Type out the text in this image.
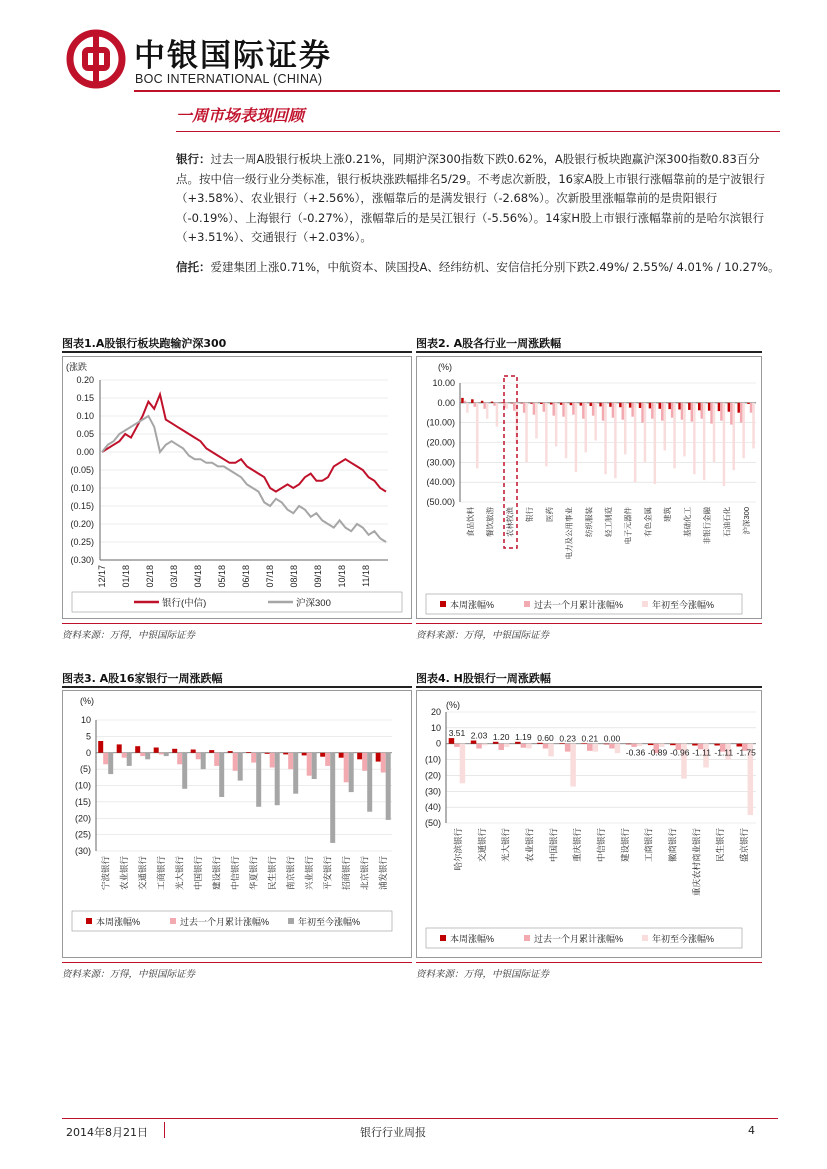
中银国际证券
BOC INTERNATIONAL (CHINA)
一周市场表现回顾
银行：过去一周A股银行板块上涨0.21%，同期沪深300指数下跌0.62%，A股银行板块跑赢沪深300指数0.83百分点。按中信一级行业分类标准，银行板块涨跌幅排名5/29。不考虑次新股，16家A股上市银行涨幅靠前的是宁波银行（+3.58%）、农业银行（+2.56%），涨幅靠后的是满发银行（-2.68%）。次新股里涨幅靠前的是贵阳银行（-0.19%）、上海银行（-0.27%），涨幅靠后的是吴江银行（-5.56%）。14家H股上市银行涨幅靠前的是哈尔滨银行（+3.51%）、交通银行（+2.03%）。
信托：爱建集团上涨0.71%，中航资本、陕国投A、经纬纺机、安信信托分别下跌2.49%/ 2.55%/ 4.01% / 10.27%。
图表1.A股银行板块跑输沪深300
(涨跌
0.20
0.15
0.10
0.05
0.00
(0.05)
(0.10)
(0.15)
(0.20)
(0.25)
(0.30)
12/17 01/18 02/18 03/18 04/18 05/18 06/18 07/18 08/18 09/18 10/18 11/18
银行(中信)	沪深300
资料来源：万得，中银国际证券
图表2. A股各行业一周涨跌幅
(%)
10.00
0.00
(10.00)
(20.00)
(30.00)
(40.00)
(50.00)
食品饮料 餐饮旅游 农林牧渔 银行 医药 电力及公用事业 纺织服装 轻工制造 电子元器件 有色金属 建筑 基础化工 非银行金融 石油石化 沪深300
本周涨幅%	过去一个月累计涨幅%	年初至今涨幅%
资料来源：万得，中银国际证券
图表3. A股16家银行一周涨跌幅
(%)
10
5
0
(5)
(10)
(15)
(20)
(25)
(30)
宁波银行 农业银行 交通银行 工商银行 光大银行 中国银行 建设银行 中信银行 华夏银行 民生银行 南京银行 兴业银行 平安银行 招商银行 北京银行 浦发银行
本周涨幅%	过去一个月累计涨幅%	年初至今涨幅%
资料来源：万得，中银国际证券
图表4. H股银行一周涨跌幅
(%)
20
10
0
(10)
(20)
(30)
(40)
(50)
哈尔滨银行 交通银行 光大银行 农业银行 中国银行 重庆银行 中信银行 建设银行 工商银行 徽商银行 重庆农村商业银行 民生银行 盛京银行
3.51 2.03 1.20 1.19 0.60 0.23 0.21 0.00
-0.36 -0.89 -0.96 -1.11 -1.11 -1.75
本周涨幅%	过去一个月累计涨幅%	年初至今涨幅%
资料来源：万得，中银国际证券
2014年8月21日	银行行业周报	4
